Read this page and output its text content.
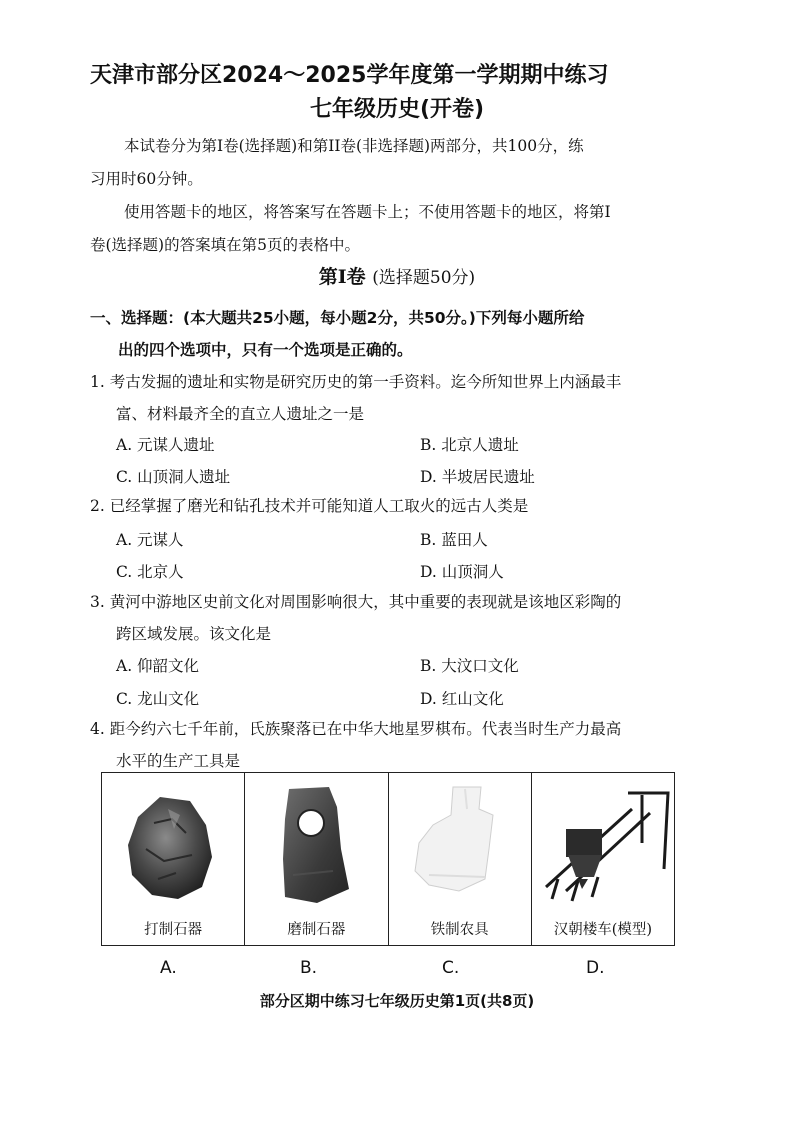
天津市部分区2024～2025学年度第一学期期中练习
七年级历史(开卷)
本试卷分为第I卷(选择题)和第II卷(非选择题)两部分，共100分，练
习用时60分钟。
使用答题卡的地区，将答案写在答题卡上；不使用答题卡的地区，将第I
卷(选择题)的答案填在第5页的表格中。
第Ⅰ卷 (选择题50分)
一、选择题：(本大题共25小题，每小题2分，共50分。)下列每小题所给
出的四个选项中，只有一个选项是正确的。
1. 考古发掘的遗址和实物是研究历史的第一手资料。迄今所知世界上内涵最丰
富、材料最齐全的直立人遗址之一是
A. 元谋人遗址	B. 北京人遗址
C. 山顶洞人遗址	D. 半坡居民遗址
2. 已经掌握了磨光和钻孔技术并可能知道人工取火的远古人类是
A. 元谋人	B. 蓝田人
C. 北京人	D. 山顶洞人
3. 黄河中游地区史前文化对周围影响很大，其中重要的表现就是该地区彩陶的
跨区域发展。该文化是
A. 仰韶文化	B. 大汶口文化
C. 龙山文化	D. 红山文化
4. 距今约六七千年前，氏族聚落已在中华大地星罗棋布。代表当时生产力最高
水平的生产工具是
打制石器	磨制石器	铁制农具	汉朝楼车(模型)
A.	B.	C.	D.
部分区期中练习七年级历史第1页(共8页)
